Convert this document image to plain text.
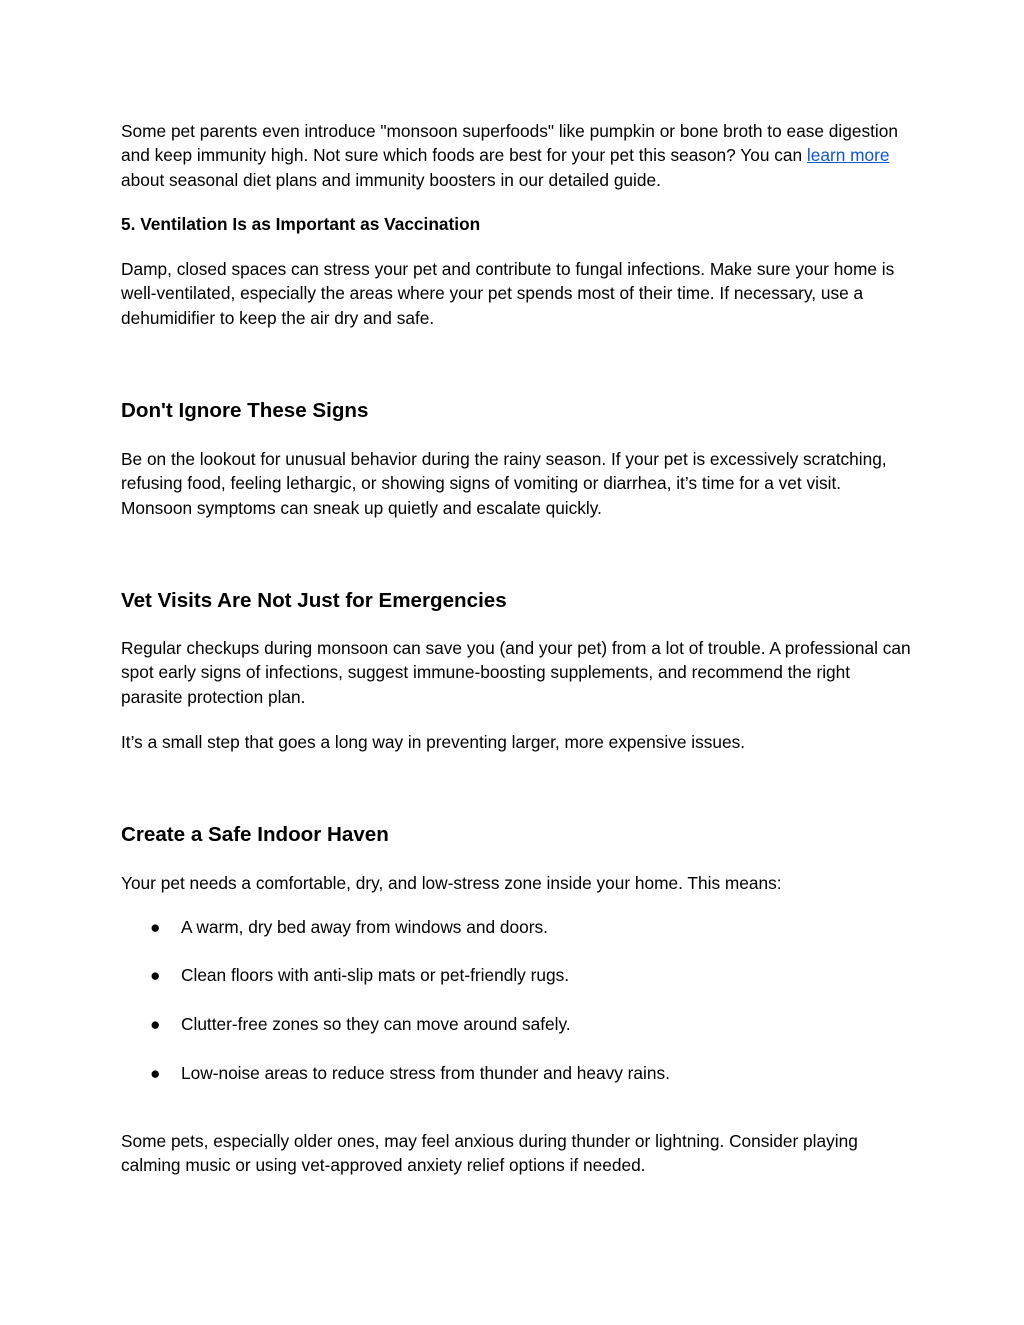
Some pet parents even introduce "monsoon superfoods" like pumpkin or bone broth to ease digestion and keep immunity high. Not sure which foods are best for your pet this season? You can learn more about seasonal diet plans and immunity boosters in our detailed guide.

5. Ventilation Is as Important as Vaccination

Damp, closed spaces can stress your pet and contribute to fungal infections. Make sure your home is well-ventilated, especially the areas where your pet spends most of their time. If necessary, use a dehumidifier to keep the air dry and safe.

Don't Ignore These Signs

Be on the lookout for unusual behavior during the rainy season. If your pet is excessively scratching, refusing food, feeling lethargic, or showing signs of vomiting or diarrhea, it’s time for a vet visit. Monsoon symptoms can sneak up quietly and escalate quickly.

Vet Visits Are Not Just for Emergencies

Regular checkups during monsoon can save you (and your pet) from a lot of trouble. A professional can spot early signs of infections, suggest immune-boosting supplements, and recommend the right parasite protection plan.

It’s a small step that goes a long way in preventing larger, more expensive issues.

Create a Safe Indoor Haven

Your pet needs a comfortable, dry, and low-stress zone inside your home. This means:

● A warm, dry bed away from windows and doors.
● Clean floors with anti-slip mats or pet-friendly rugs.
● Clutter-free zones so they can move around safely.
● Low-noise areas to reduce stress from thunder and heavy rains.

Some pets, especially older ones, may feel anxious during thunder or lightning. Consider playing calming music or using vet-approved anxiety relief options if needed.
